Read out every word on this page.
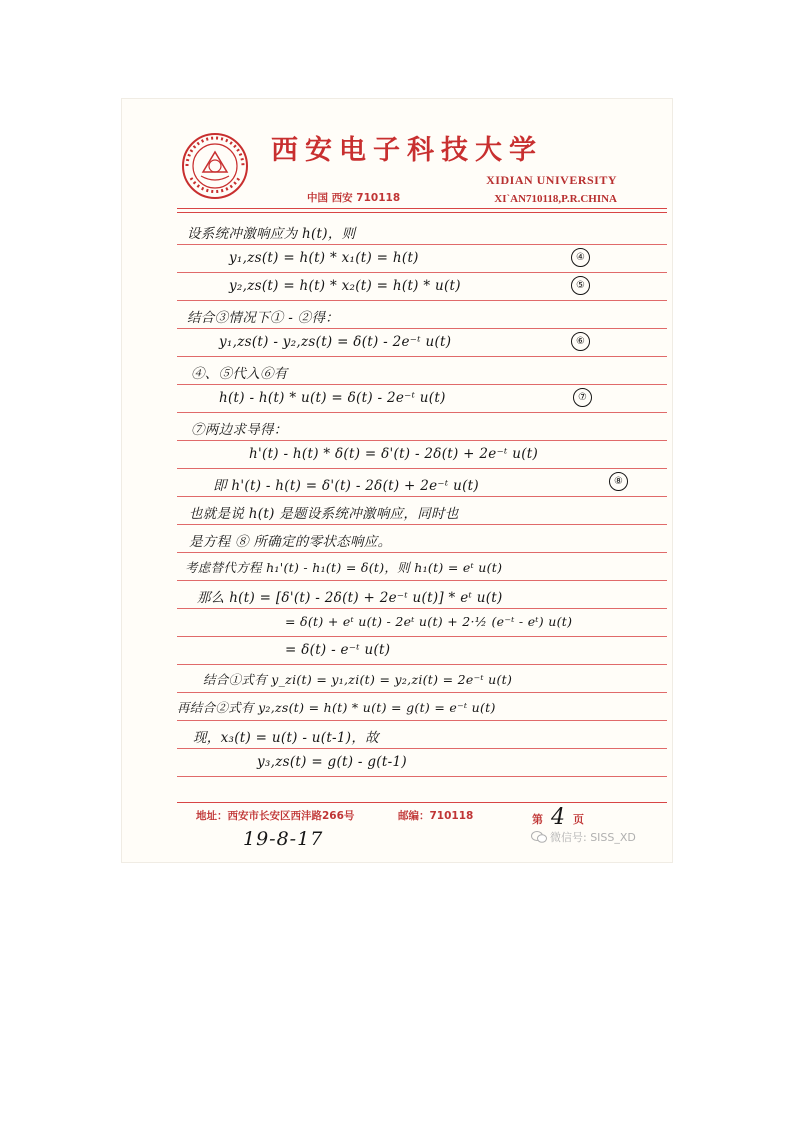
西安电子科技大学
XIDIAN UNIVERSITY
中国 西安 710118	XI`AN710118,P.R.CHINA
设系统冲激响应为 h(t)，则
y₁,zs(t) = h(t) * x₁(t) = h(t)	④
y₂,zs(t) = h(t) * x₂(t) = h(t) * u(t)	⑤
结合③情况下① - ②得：
y₁,zs(t) - y₂,zs(t) = δ(t) - 2e⁻ᵗ u(t)	⑥
④、⑤代入⑥有
h(t) - h(t) * u(t) = δ(t) - 2e⁻ᵗ u(t)	⑦
⑦两边求导得：
h'(t) - h(t) * δ(t) = δ'(t) - 2δ(t) + 2e⁻ᵗ u(t)
即 h'(t) - h(t) = δ'(t) - 2δ(t) + 2e⁻ᵗ u(t)	⑧
也就是说 h(t) 是题设系统冲激响应，同时也
是方程 ⑧ 所确定的零状态响应。
考虑替代方程 h₁'(t) - h₁(t) = δ(t)，则 h₁(t) = eᵗ u(t)
那么 h(t) = [δ'(t) - 2δ(t) + 2e⁻ᵗ u(t)] * eᵗ u(t)
= δ(t) + eᵗ u(t) - 2eᵗ u(t) + 2·½ (e⁻ᵗ - eᵗ) u(t)
= δ(t) - e⁻ᵗ u(t)
结合①式有 y_zi(t) = y₁,zi(t) = y₂,zi(t) = 2e⁻ᵗ u(t)
再结合②式有 y₂,zs(t) = h(t) * u(t) = g(t) = e⁻ᵗ u(t)
现，x₃(t) = u(t) - u(t-1)，故
y₃,zs(t) = g(t) - g(t-1)
地址：西安市长安区西沣路266号	邮编：710118	第 4 页
19-8-17	微信号: SISS_XD
